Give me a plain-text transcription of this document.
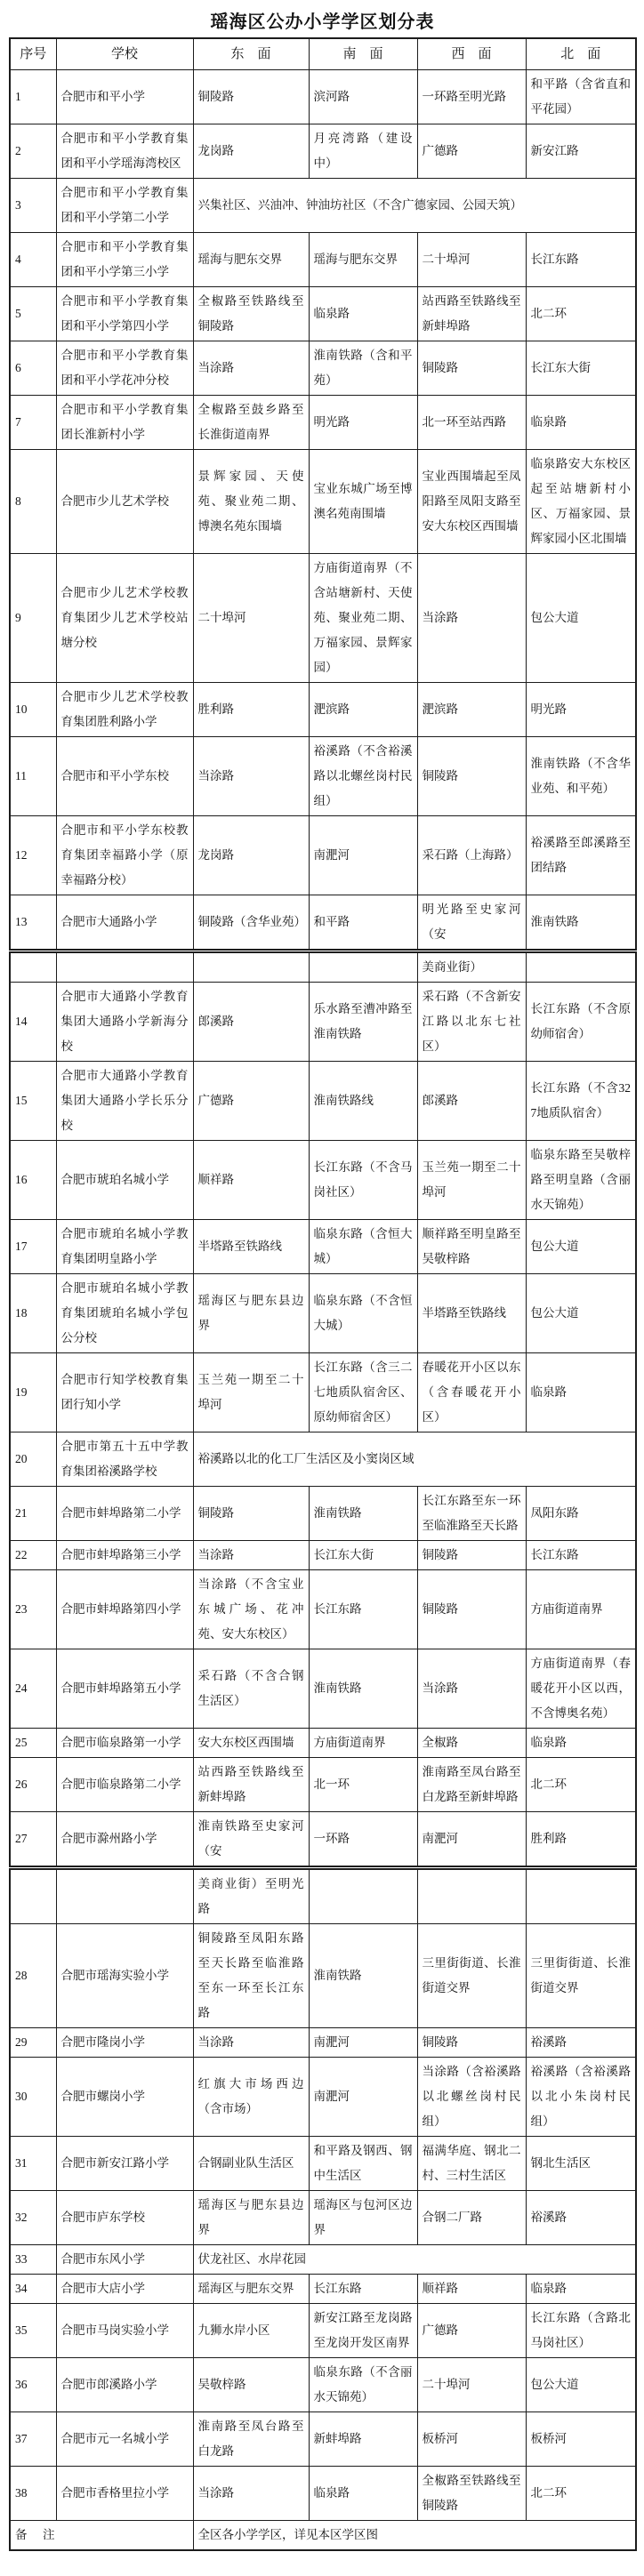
瑶海区公办小学学区划分表
序号	学校	东　面	南　面	西　面	北　面
1	合肥市和平小学	铜陵路	滨河路	一环路至明光路	和平路（含省直和平花园）
2	合肥市和平小学教育集团和平小学瑶海湾校区	龙岗路	月亮湾路（建设中）	广德路	新安江路
3	合肥市和平小学教育集团和平小学第二小学	兴集社区、兴油冲、钟油坊社区（不含广德家园、公园天筑）			
4	合肥市和平小学教育集团和平小学第三小学	瑶海与肥东交界	瑶海与肥东交界	二十埠河	长江东路
5	合肥市和平小学教育集团和平小学第四小学	全椒路至铁路线至铜陵路	临泉路	站西路至铁路线至新蚌埠路	北二环
6	合肥市和平小学教育集团和平小学花冲分校	当涂路	淮南铁路（含和平苑）	铜陵路	长江东大街
7	合肥市和平小学教育集团长淮新村小学	全椒路至鼓乡路至长淮街道南界	明光路	北一环至站西路	临泉路
8	合肥市少儿艺术学校	景辉家园、天使苑、聚业苑二期、博澳名苑东围墙	宝业东城广场至博澳名苑南围墙	宝业西围墙起至凤阳路至凤阳支路至安大东校区西围墙	临泉路安大东校区起至站塘新村小区、万福家园、景辉家园小区北围墙
9	合肥市少儿艺术学校教育集团少儿艺术学校站塘分校	二十埠河	方庙街道南界（不含站塘新村、天使苑、聚业苑二期、万福家园、景辉家园）	当涂路	包公大道
10	合肥市少儿艺术学校教育集团胜利路小学	胜利路	淝滨路	淝滨路	明光路
11	合肥市和平小学东校	当涂路	裕溪路（不含裕溪路以北螺丝岗村民组）	铜陵路	淮南铁路（不含华业苑、和平苑）
12	合肥市和平小学东校教育集团幸福路小学（原幸福路分校）	龙岗路	南淝河	采石路（上海路）	裕溪路至郎溪路至团结路
13	合肥市大通路小学	铜陵路（含华业苑）	和平路	明光路至史家河（安	淮南铁路
				美商业街）	
14	合肥市大通路小学教育集团大通路小学新海分校	郎溪路	乐水路至漕冲路至淮南铁路	采石路（不含新安江路以北东七社区）	长江东路（不含原幼师宿舍）
15	合肥市大通路小学教育集团大通路小学长乐分校	广德路	淮南铁路线	郎溪路	长江东路（不含327地质队宿舍）
16	合肥市琥珀名城小学	顺祥路	长江东路（不含马岗社区）	玉兰苑一期至二十埠河	临泉东路至吴敬梓路至明皇路（含丽水天锦苑）
17	合肥市琥珀名城小学教育集团明皇路小学	半塔路至铁路线	临泉东路（含恒大城）	顺祥路至明皇路至吴敬梓路	包公大道
18	合肥市琥珀名城小学教育集团琥珀名城小学包公分校	瑶海区与肥东县边界	临泉东路（不含恒大城）	半塔路至铁路线	包公大道
19	合肥市行知学校教育集团行知小学	玉兰苑一期至二十埠河	长江东路（含三二七地质队宿舍区、原幼师宿舍区）	春暖花开小区以东（含春暖花开小区）	临泉路
20	合肥市第五十五中学教育集团裕溪路学校	裕溪路以北的化工厂生活区及小窦岗区域			
21	合肥市蚌埠路第二小学	铜陵路	淮南铁路	长江东路至东一环至临淮路至天长路	凤阳东路
22	合肥市蚌埠路第三小学	当涂路	长江东大街	铜陵路	长江东路
23	合肥市蚌埠路第四小学	当涂路（不含宝业东城广场、花冲苑、安大东校区）	长江东路	铜陵路	方庙街道南界
24	合肥市蚌埠路第五小学	采石路（不含合钢生活区）	淮南铁路	当涂路	方庙街道南界（春暖花开小区以西，不含博奥名苑）
25	合肥市临泉路第一小学	安大东校区西围墙	方庙街道南界	全椒路	临泉路
26	合肥市临泉路第二小学	站西路至铁路线至新蚌埠路	北一环	淮南路至凤台路至白龙路至新蚌埠路	北二环
27	合肥市滁州路小学	淮南铁路至史家河（安	一环路	南淝河	胜利路
		美商业街）至明光路			
28	合肥市瑶海实验小学	铜陵路至凤阳东路至天长路至临淮路至东一环至长江东路	淮南铁路	三里街街道、长淮街道交界	三里街街道、长淮街道交界
29	合肥市隆岗小学	当涂路	南淝河	铜陵路	裕溪路
30	合肥市螺岗小学	红旗大市场西边（含市场）	南淝河	当涂路（含裕溪路以北螺丝岗村民组）	裕溪路（含裕溪路以北小朱岗村民组）
31	合肥市新安江路小学	合钢副业队生活区	和平路及钢西、钢中生活区	福满华庭、钢北二村、三村生活区	钢北生活区
32	合肥市庐东学校	瑶海区与肥东县边界	瑶海区与包河区边界	合钢二厂路	裕溪路
33	合肥市东风小学	伏龙社区、水岸花园			
34	合肥市大店小学	瑶海区与肥东交界	长江东路	顺祥路	临泉路
35	合肥市马岗实验小学	九狮水岸小区	新安江路至龙岗路至龙岗开发区南界	广德路	长江东路（含路北马岗社区）
36	合肥市郎溪路小学	吴敬梓路	临泉东路（不含丽水天锦苑）	二十埠河	包公大道
37	合肥市元一名城小学	淮南路至凤台路至白龙路	新蚌埠路	板桥河	板桥河
38	合肥市香格里拉小学	当涂路	临泉路	全椒路至铁路线至铜陵路	北二环
备　注		全区各小学学区，详见本区学区图			
